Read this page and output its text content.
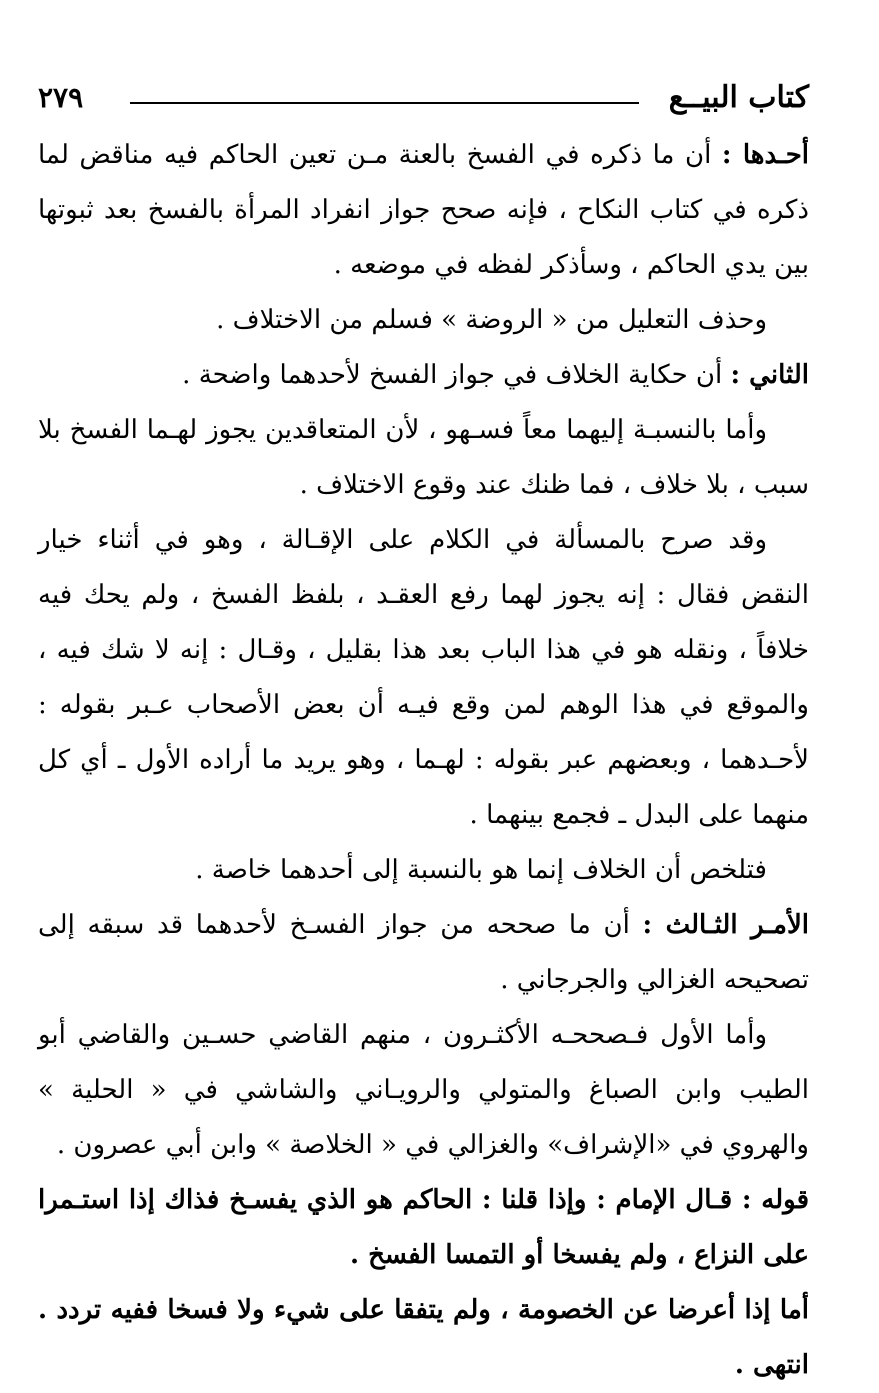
كتاب البيــع
٢٧٩

أحـدها : أن ما ذكره في الفسخ بالعنة مـن تعين الحاكم فيه مناقض لما ذكره في كتاب النكاح ، فإنه صحح جواز انفراد المرأة بالفسخ بعد ثبوتها بين يدي الحاكم ، وسأذكر لفظه في موضعه .

وحذف التعليل من « الروضة » فسلم من الاختلاف .

الثاني : أن حكاية الخلاف في جواز الفسخ لأحدهما واضحة .

وأما بالنسبـة إليهما معاً فسـهو ، لأن المتعاقدين يجوز لهـما الفسخ بلا سبب ، بلا خلاف ، فما ظنك عند وقوع الاختلاف .

وقد صرح بالمسألة في الكلام على الإقـالة ، وهو في أثناء خيار النقض فقال : إنه يجوز لهما رفع العقـد ، بلفظ الفسخ ، ولم يحك فيه خلافاً ، ونقله هو في هذا الباب بعد هذا بقليل ، وقـال : إنه لا شك فيه ، والموقع في هذا الوهم لمن وقع فيـه أن بعض الأصحاب عـبر بقوله : لأحـدهما ، وبعضهم عبر بقوله : لهـما ، وهو يريد ما أراده الأول ـ أي كل منهما على البدل ـ فجمع بينهما .

فتلخص أن الخلاف إنما هو بالنسبة إلى أحدهما خاصة .

الأمـر الثـالث : أن ما صححه من جواز الفسـخ لأحدهما قد سبقه إلى تصحيحه الغزالي والجرجاني .

وأما الأول فـصححـه الأكثـرون ، منهم القاضي حسـين والقاضي أبو الطيب وابن الصباغ والمتولي والرويـاني والشاشي في « الحلية » والهروي في «الإشراف» والغزالي في « الخلاصة » وابن أبي عصرون .

قوله : قـال الإمام : وإذا قلنا : الحاكم هو الذي يفسـخ فذاك إذا استـمرا على النزاع ، ولم يفسخا أو التمسا الفسخ .

أما إذا أعرضا عن الخصومة ، ولم يتفقا على شيء ولا فسخا ففيه تردد . انتهى .
